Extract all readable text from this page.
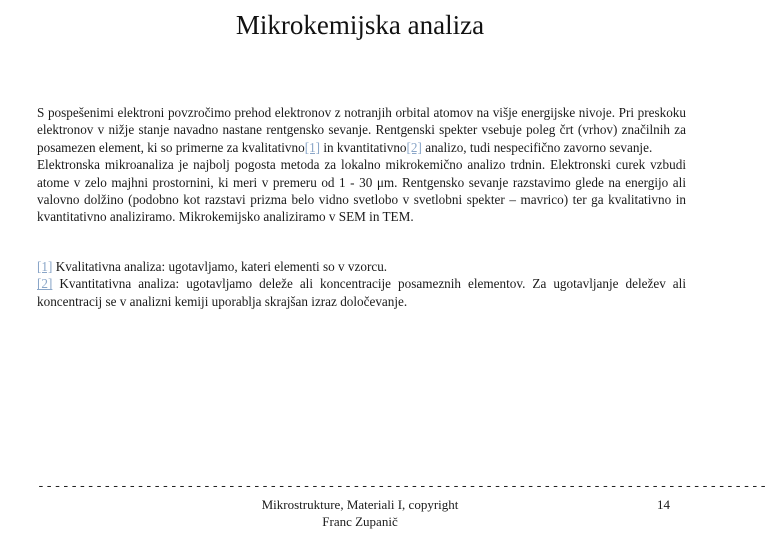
Mikrokemijska analiza

S pospešenimi elektroni povzročimo prehod elektronov z notranjih orbital atomov na višje energijske nivoje. Pri preskoku elektronov v nižje stanje navadno nastane rentgensko sevanje. Rentgenski spekter vsebuje poleg črt (vrhov) značilnih za posamezen element, ki so primerne za kvalitativno[1] in kvantitativno[2] analizo, tudi nespecifično zavorno sevanje.

Elektronska mikroanaliza je najbolj pogosta metoda za lokalno mikrokemično analizo trdnin. Elektronski curek vzbudi atome v zelo majhni prostornini, ki meri v premeru od 1 - 30 μm. Rentgensko sevanje razstavimo glede na energijo ali valovno dolžino (podobno kot razstavi prizma belo vidno svetlobo v svetlobni spekter – mavrico) ter ga kvalitativno in kvantitativno analiziramo. Mikrokemijsko analiziramo v SEM in TEM.

[1] Kvalitativna analiza: ugotavljamo, kateri elementi so v vzorcu.

[2] Kvantitativna analiza: ugotavljamo deleže ali koncentracije posameznih elementov. Za ugotavljanje deležev ali koncentracij se v analizni kemiji uporablja skrajšan izraz določevanje.

----------------------------------------------------------------------------------------
Mikrostrukture, Materiali I, copyright
Franc Zupanič
14
